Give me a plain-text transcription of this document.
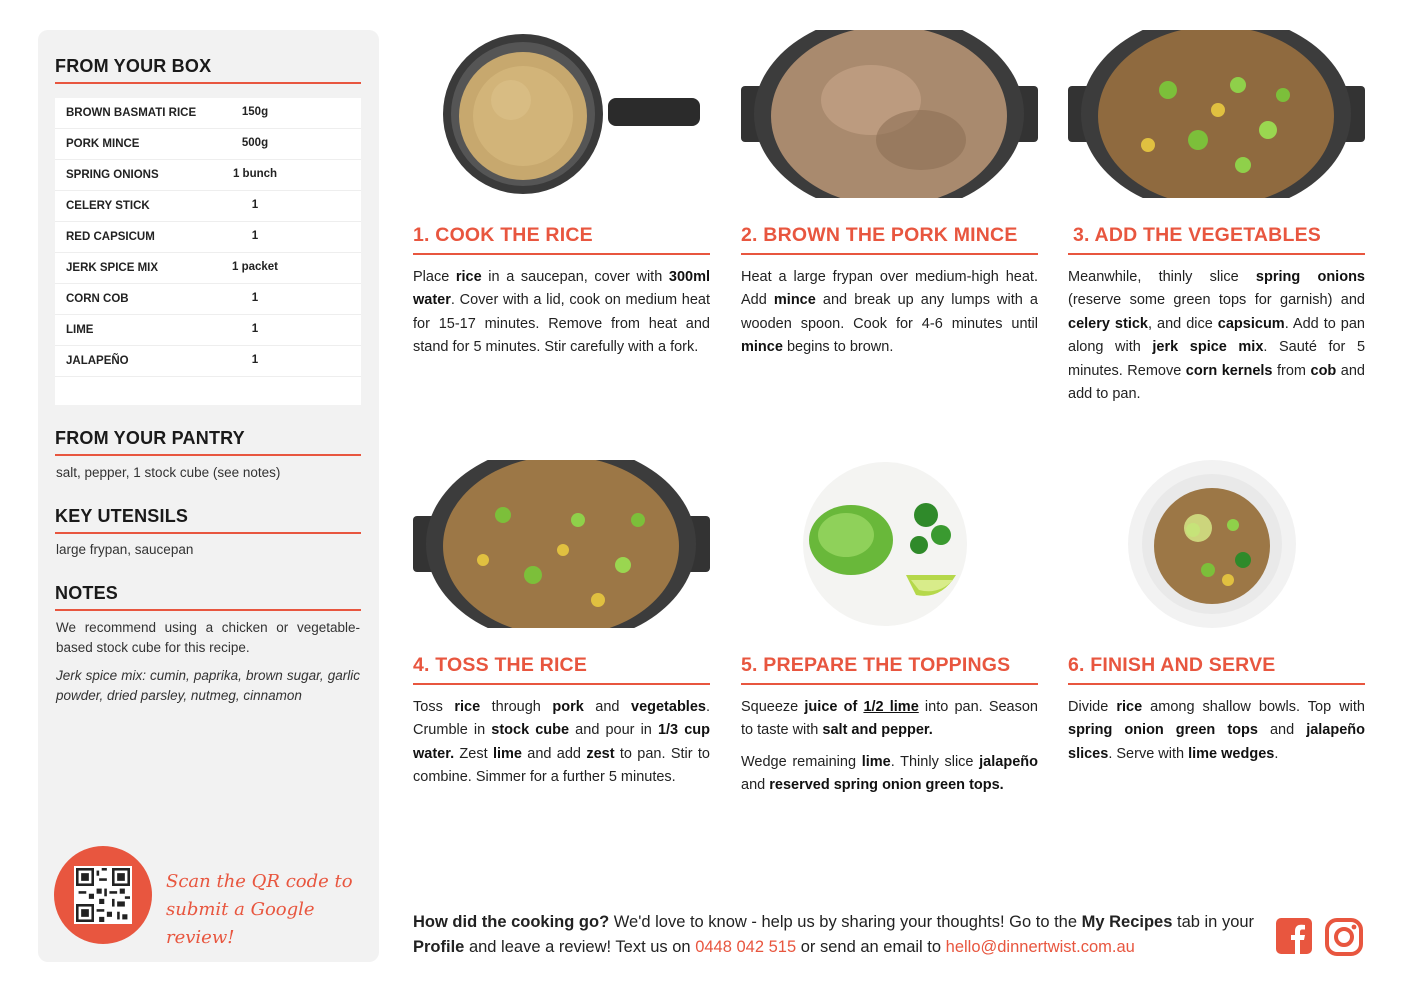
FROM YOUR BOX
BROWN BASMATI RICE	150g
PORK MINCE	500g
SPRING ONIONS	1 bunch
CELERY STICK	1
RED CAPSICUM	1
JERK SPICE MIX	1 packet
CORN COB	1
LIME	1
JALAPEÑO	1
FROM YOUR PANTRY
salt, pepper, 1 stock cube (see notes)
KEY UTENSILS
large frypan, saucepan
NOTES
We recommend using a chicken or vegetable-based stock cube for this recipe.
Jerk spice mix: cumin, paprika, brown sugar, garlic powder, dried parsley, nutmeg, cinnamon
Scan the QR code to submit a Google review!
1. COOK THE RICE	2. BROWN THE PORK MINCE	3. ADD THE VEGETABLES
4. TOSS THE RICE	5. PREPARE THE TOPPINGS	6. FINISH AND SERVE
Place rice in a saucepan, cover with 300ml water. Cover with a lid, cook on medium heat for 15-17 minutes. Remove from heat and stand for 5 minutes. Stir carefully with a fork.
Heat a large frypan over medium-high heat. Add mince and break up any lumps with a wooden spoon. Cook for 4-6 minutes until mince begins to brown.
Meanwhile, thinly slice spring onions (reserve some green tops for garnish) and celery stick, and dice capsicum. Add to pan along with jerk spice mix. Sauté for 5 minutes. Remove corn kernels from cob and add to pan.
Toss rice through pork and vegetables. Crumble in stock cube and pour in 1/3 cup water. Zest lime and add zest to pan. Stir to combine. Simmer for a further 5 minutes.

Squeeze juice of 1/2 lime into pan. Season to taste with salt and pepper.

Wedge remaining lime. Thinly slice jalapeño and reserved spring onion green tops.

Divide rice among shallow bowls. Top with spring onion green tops and jalapeño slices. Serve with lime wedges.
How did the cooking go? We'd love to know - help us by sharing your thoughts! Go to the My Recipes tab in your Profile and leave a review! Text us on 0448 042 515 or send an email to hello@dinnertwist.com.au
